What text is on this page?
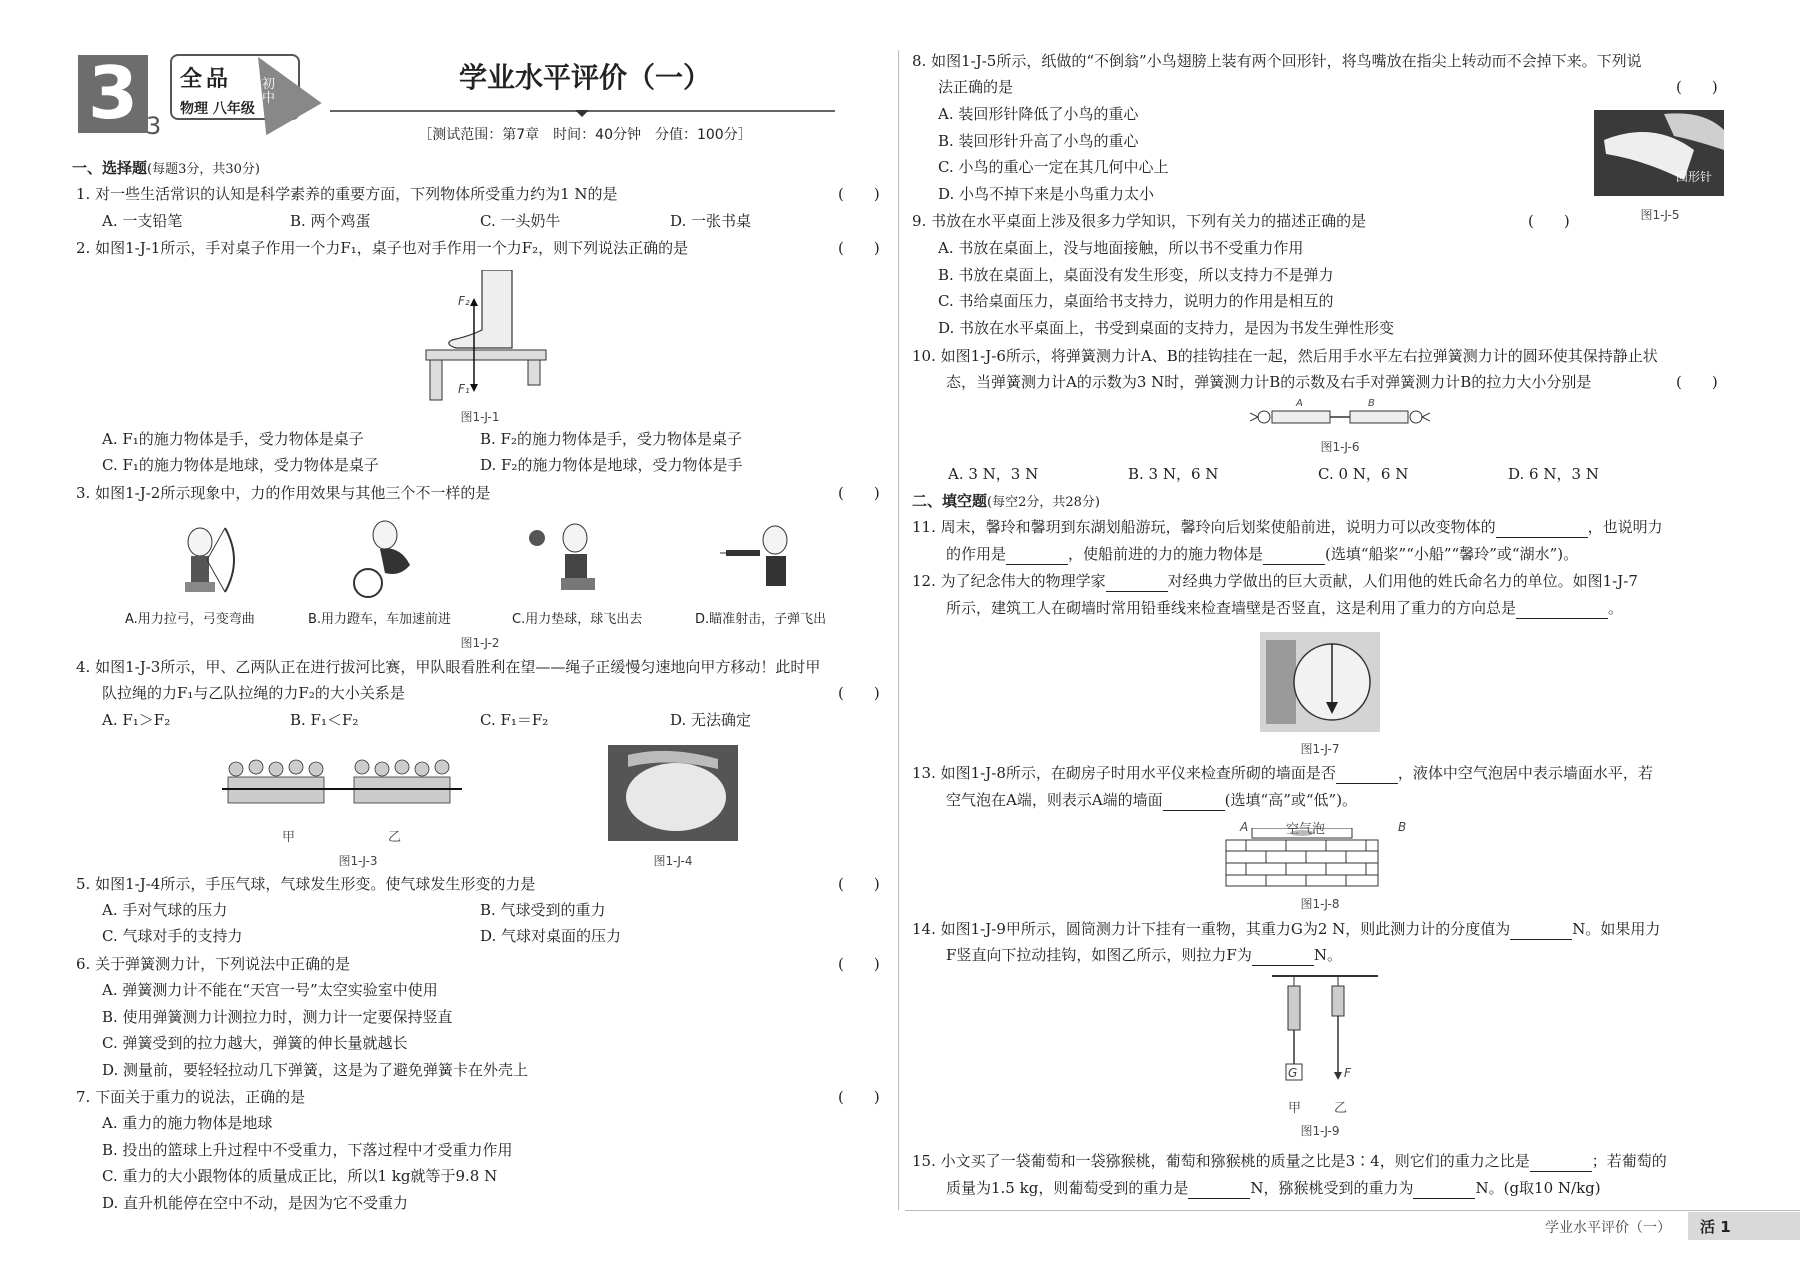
3 3
全品 初中
物理 八年级
学业水平评价（一）
［测试范围：第7章　时间：40分钟　分值：100分］
一、选择题(每题3分，共30分)
1. 对一些生活常识的认知是科学素养的重要方面，下列物体所受重力约为1 N的是	(　　)
A. 一支铅笔	B. 两个鸡蛋	C. 一头奶牛	D. 一张书桌
2. 如图1-J-1所示，手对桌子作用一个力F₁，桌子也对手作用一个力F₂，则下列说法正确的是	(　　)
F₂
F₁
图1-J-1
A. F₁的施力物体是手，受力物体是桌子	B. F₂的施力物体是手，受力物体是桌子
C. F₁的施力物体是地球，受力物体是桌子	D. F₂的施力物体是地球，受力物体是手
3. 如图1-J-2所示现象中，力的作用效果与其他三个不一样的是	(　　)
A.用力拉弓，弓变弯曲	B.用力蹬车，车加速前进	C.用力垫球，球飞出去	D.瞄准射击，子弹飞出
图1-J-2
4. 如图1-J-3所示，甲、乙两队正在进行拔河比赛，甲队眼看胜利在望——绳子正缓慢匀速地向甲方移动！此时甲
队拉绳的力F₁与乙队拉绳的力F₂的大小关系是	(　　)
A. F₁＞F₂	B. F₁＜F₂	C. F₁＝F₂	D. 无法确定
甲	乙
图1-J-3	图1-J-4
5. 如图1-J-4所示，手压气球，气球发生形变。使气球发生形变的力是	(　　)
A. 手对气球的压力	B. 气球受到的重力
C. 气球对手的支持力	D. 气球对桌面的压力
6. 关于弹簧测力计，下列说法中正确的是	(　　)
A. 弹簧测力计不能在“天宫一号”太空实验室中使用
B. 使用弹簧测力计测拉力时，测力计一定要保持竖直
C. 弹簧受到的拉力越大，弹簧的伸长量就越长
D. 测量前，要轻轻拉动几下弹簧，这是为了避免弹簧卡在外壳上
7. 下面关于重力的说法，正确的是	(　　)
A. 重力的施力物体是地球
B. 投出的篮球上升过程中不受重力，下落过程中才受重力作用
C. 重力的大小跟物体的质量成正比，所以1 kg就等于9.8 N
D. 直升机能停在空中不动，是因为它不受重力
8. 如图1-J-5所示，纸做的“不倒翁”小鸟翅膀上装有两个回形针，将鸟嘴放在指尖上转动而不会掉下来。下列说
法正确的是	(　　)
A. 装回形针降低了小鸟的重心
B. 装回形针升高了小鸟的重心
C. 小鸟的重心一定在其几何中心上
D. 小鸟不掉下来是小鸟重力太小
回形针
图1-J-5
9. 书放在水平桌面上涉及很多力学知识，下列有关力的描述正确的是	(　　)
A. 书放在桌面上，没与地面接触，所以书不受重力作用
B. 书放在桌面上，桌面没有发生形变，所以支持力不是弹力
C. 书给桌面压力，桌面给书支持力，说明力的作用是相互的
D. 书放在水平桌面上，书受到桌面的支持力，是因为书发生弹性形变
10. 如图1-J-6所示，将弹簧测力计A、B的挂钩挂在一起，然后用手水平左右拉弹簧测力计的圆环使其保持静止状
态，当弹簧测力计A的示数为3 N时，弹簧测力计B的示数及右手对弹簧测力计B的拉力大小分别是	(　　)
A	B
图1-J-6
A. 3 N，3 N	B. 3 N，6 N	C. 0 N，6 N	D. 6 N，3 N
二、填空题(每空2分，共28分)
11. 周末，馨玲和馨玥到东湖划船游玩，馨玲向后划桨使船前进，说明力可以改变物体的	，也说明力
的作用是	，使船前进的力的施力物体是	(选填“船桨”“小船”“馨玲”或“湖水”)。
12. 为了纪念伟大的物理学家	对经典力学做出的巨大贡献，人们用他的姓氏命名力的单位。如图1-J-7
所示，建筑工人在砌墙时常用铅垂线来检查墙壁是否竖直，这是利用了重力的方向总是	。
图1-J-7
13. 如图1-J-8所示，在砌房子时用水平仪来检查所砌的墙面是否	，液体中空气泡居中表示墙面水平，若
空气泡在A端，则表示A端的墙面	(选填“高”或“低”)。
A	空气泡	B
图1-J-8
14. 如图1-J-9甲所示，圆筒测力计下挂有一重物，其重力G为2 N，则此测力计的分度值为	N。如果用力
F竖直向下拉动挂钩，如图乙所示，则拉力F为	N。
G	F
甲	乙
图1-J-9
15. 小文买了一袋葡萄和一袋猕猴桃，葡萄和猕猴桃的质量之比是3∶4，则它们的重力之比是	；若葡萄的
质量为1.5 kg，则葡萄受到的重力是	N，猕猴桃受到的重力为	N。(g取10 N/kg)
学业水平评价（一） 活 1
